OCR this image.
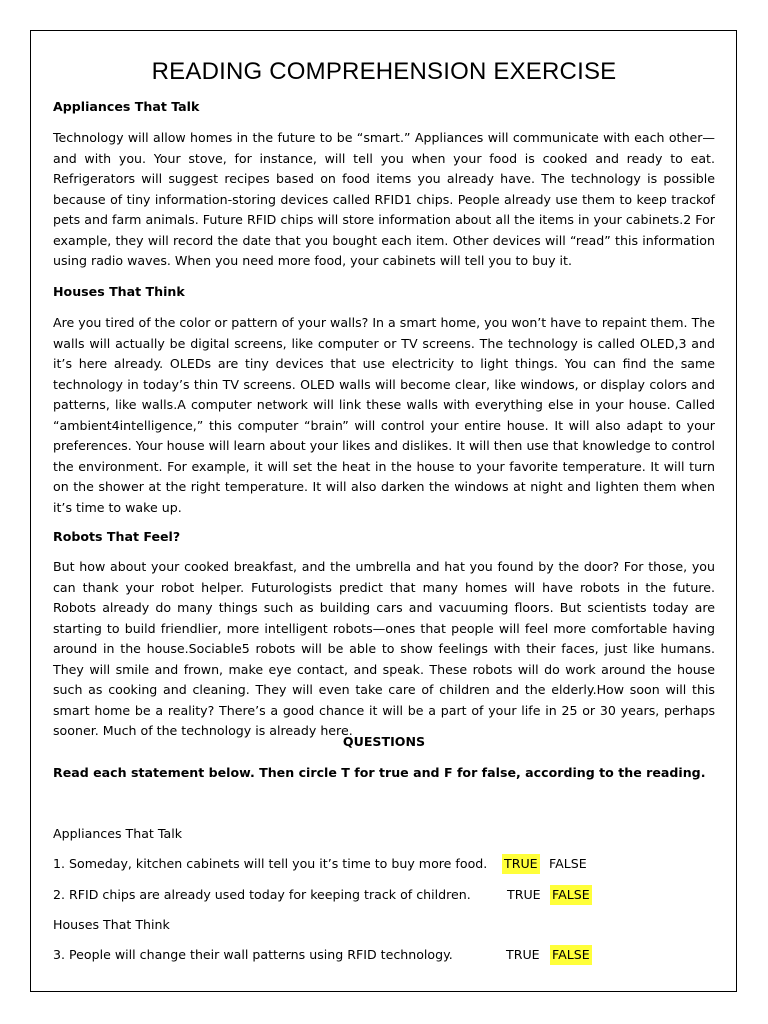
READING COMPREHENSION EXERCISE
Appliances That Talk
Technology will allow homes in the future to be “smart.” Appliances will communicate with each other—and with you. Your stove, for instance, will tell you when your food is cooked and ready to eat. Refrigerators will suggest recipes based on food items you already have. The technology is possible because of tiny information-storing devices called RFID1 chips. People already use them to keep trackof pets and farm animals. Future RFID chips will store information about all the items in your cabinets.2 For example, they will record the date that you bought each item. Other devices will “read” this information using radio waves. When you need more food, your cabinets will tell you to buy it.
Houses That Think
Are you tired of the color or pattern of your walls? In a smart home, you won’t have to repaint them. The walls will actually be digital screens, like computer or TV screens. The technology is called OLED,3 and it’s here already. OLEDs are tiny devices that use electricity to light things. You can find the same technology in today’s thin TV screens. OLED walls will become clear, like windows, or display colors and patterns, like walls.A computer network will link these walls with everything else in your house. Called “ambient4intelligence,” this computer “brain” will control your entire house. It will also adapt to your preferences. Your house will learn about your likes and dislikes. It will then use that knowledge to control the environment. For example, it will set the heat in the house to your favorite temperature. It will turn on the shower at the right temperature. It will also darken the windows at night and lighten them when it’s time to wake up.
Robots That Feel?
But how about your cooked breakfast, and the umbrella and hat you found by the door? For those, you can thank your robot helper. Futurologists predict that many homes will have robots in the future. Robots already do many things such as building cars and vacuuming floors. But scientists today are starting to build friendlier, more intelligent robots—ones that people will feel more comfortable having around in the house.Sociable5 robots will be able to show feelings with their faces, just like humans. They will smile and frown, make eye contact, and speak. These robots will do work around the house such as cooking and cleaning. They will even take care of children and the elderly.How soon will this smart home be a reality? There’s a good chance it will be a part of your life in 25 or 30 years, perhaps sooner. Much of the technology is already here.
QUESTIONS
Read each statement below. Then circle T for true and F for false, according to the reading.
Appliances That Talk
1. Someday, kitchen cabinets will tell you it’s time to buy more food. TRUE FALSE
2. RFID chips are already used today for keeping track of children.	TRUE FALSE
Houses That Think
3. People will change their wall patterns using RFID technology.	TRUE FALSE
